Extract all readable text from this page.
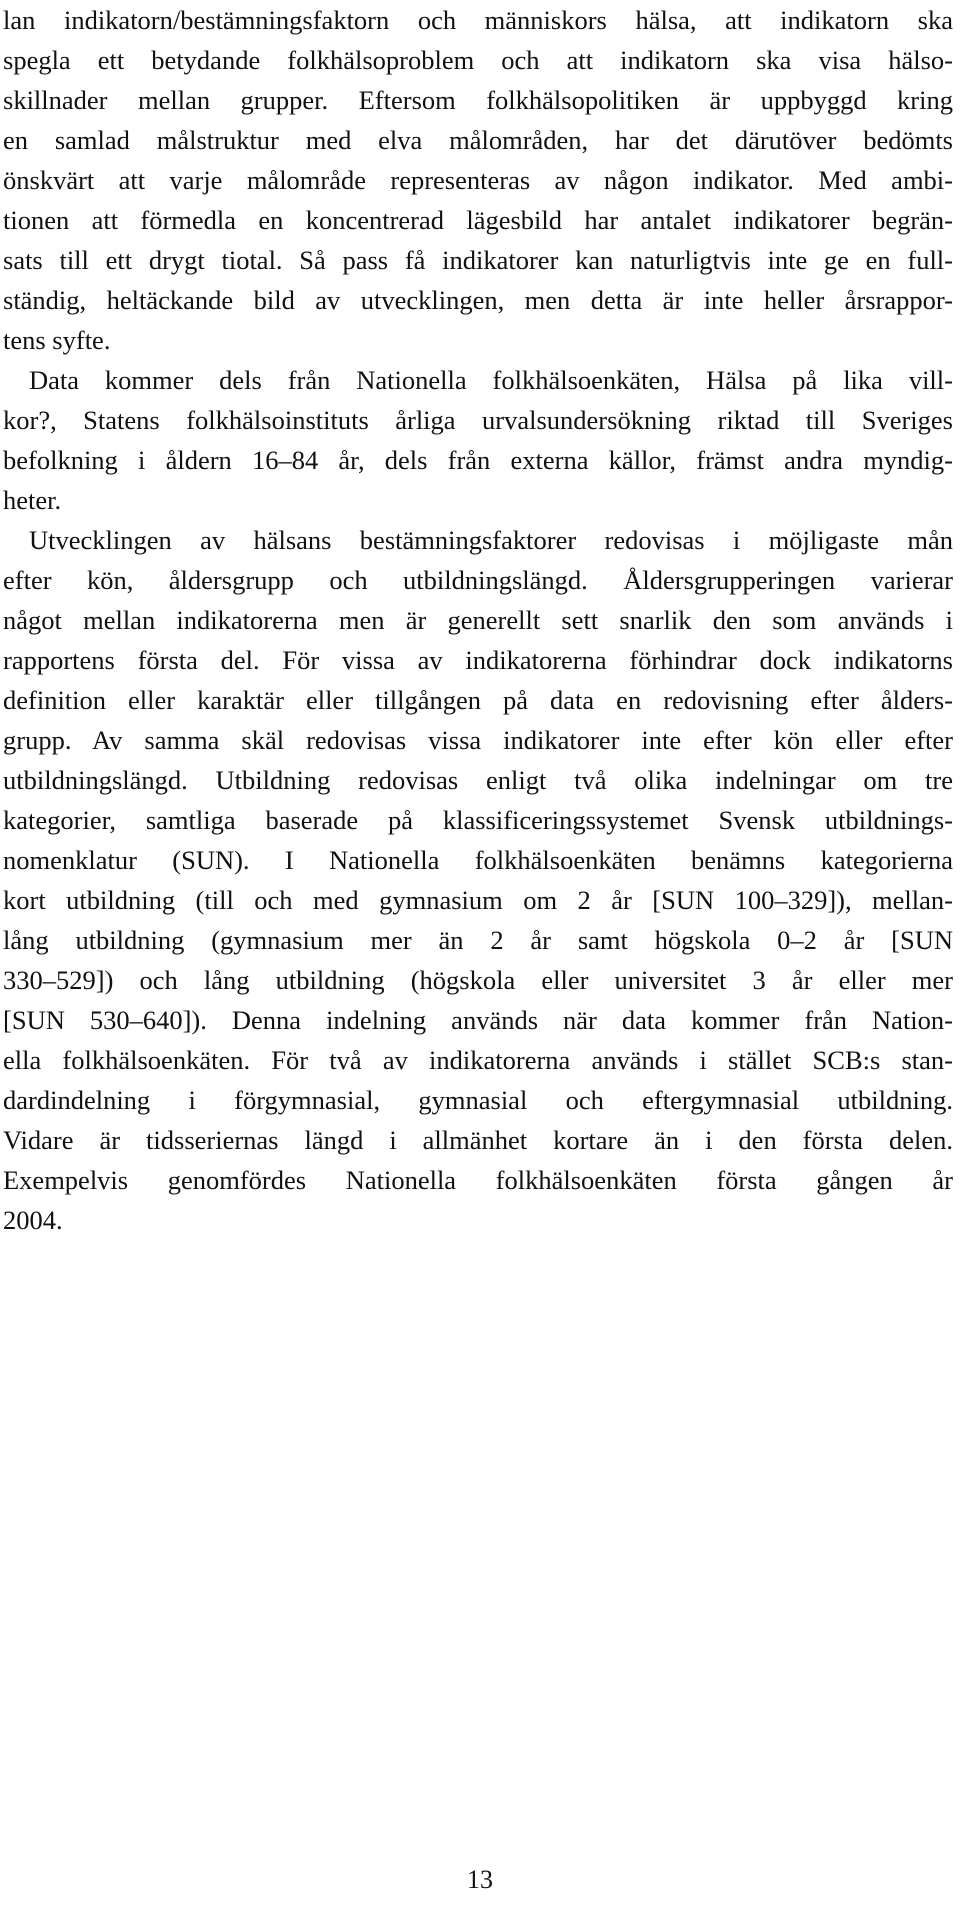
lan indikatorn/bestämningsfaktorn och människors hälsa, att indikatorn ska
spegla ett betydande folkhälsoproblem och att indikatorn ska visa hälso-
skillnader mellan grupper. Eftersom folkhälsopolitiken är uppbyggd kring
en samlad målstruktur med elva målområden, har det därutöver bedömts
önskvärt att varje målområde representeras av någon indikator. Med ambi-
tionen att förmedla en koncentrerad lägesbild har antalet indikatorer begrän-
sats till ett drygt tiotal. Så pass få indikatorer kan naturligtvis inte ge en full-
ständig, heltäckande bild av utvecklingen, men detta är inte heller årsrappor-
tens syfte.
Data kommer dels från Nationella folkhälsoenkäten, Hälsa på lika vill-
kor?, Statens folkhälsoinstituts årliga urvalsundersökning riktad till Sveriges
befolkning i åldern 16–84 år, dels från externa källor, främst andra myndig-
heter.
Utvecklingen av hälsans bestämningsfaktorer redovisas i möjligaste mån
efter kön, åldersgrupp och utbildningslängd. Åldersgrupperingen varierar
något mellan indikatorerna men är generellt sett snarlik den som används i
rapportens första del. För vissa av indikatorerna förhindrar dock indikatorns
definition eller karaktär eller tillgången på data en redovisning efter ålders-
grupp. Av samma skäl redovisas vissa indikatorer inte efter kön eller efter
utbildningslängd. Utbildning redovisas enligt två olika indelningar om tre
kategorier, samtliga baserade på klassificeringssystemet Svensk utbildnings-
nomenklatur (SUN). I Nationella folkhälsoenkäten benämns kategorierna
kort utbildning (till och med gymnasium om 2 år [SUN 100–329]), mellan-
lång utbildning (gymnasium mer än 2 år samt högskola 0–2 år [SUN
330–529]) och lång utbildning (högskola eller universitet 3 år eller mer
[SUN 530–640]). Denna indelning används när data kommer från Nation-
ella folkhälsoenkäten. För två av indikatorerna används i stället SCB:s stan-
dardindelning i förgymnasial, gymnasial och eftergymnasial utbildning.
Vidare är tidsseriernas längd i allmänhet kortare än i den första delen.
Exempelvis genomfördes Nationella folkhälsoenkäten första gången år
2004.
13
